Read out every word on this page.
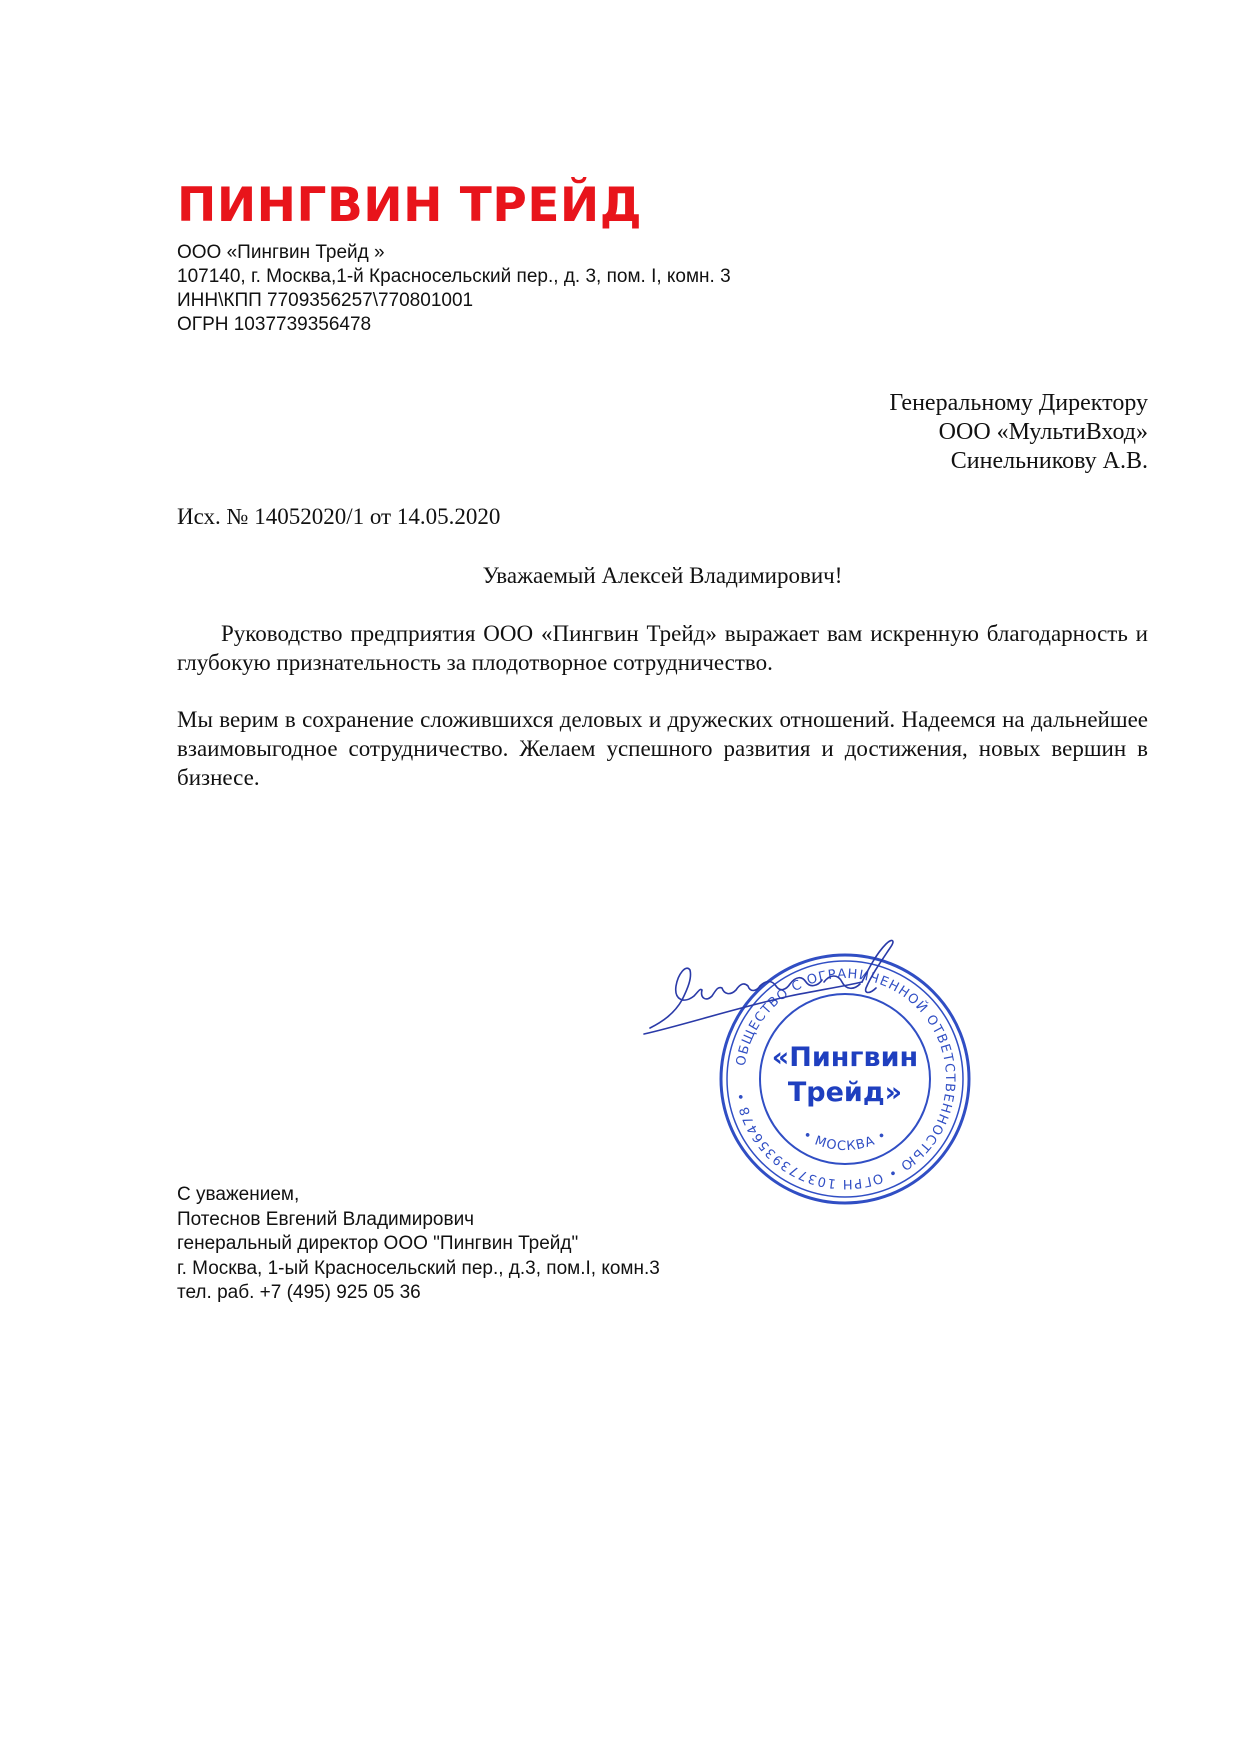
ПИНГВИН ТРЕЙД
ООО «Пингвин Трейд »
107140, г. Москва,1-й Красносельский пер., д. 3, пом. I, комн. 3
ИНН\КПП 7709356257\770801001
ОГРН 1037739356478
Генеральному Директору
ООО «МультиВход»
Синельникову А.В.
Исх. № 14052020/1 от 14.05.2020
Уважаемый Алексей Владимирович!
Руководство предприятия ООО «Пингвин Трейд» выражает вам искренную благодарность и глубокую признательность за плодотворное сотрудничество.
Мы верим в сохранение сложившихся деловых и дружеских отношений. Надеемся на дальнейшее взаимовыгодное сотрудничество. Желаем успешного развития и достижения, новых вершин в бизнесе.
ОБЩЕСТВО С ОГРАНИЧЕННОЙ ОТВЕТСТВЕННОСТЬЮ • ОГРН 1037739356478 •
• МОСКВА •
«Пингвин
Трейд»
С уважением,
Потеснов Евгений Владимирович
генеральный директор ООО "Пингвин Трейд"
г. Москва, 1-ый Красносельский пер., д.3, пом.I, комн.3
тел. раб. +7 (495) 925 05 36
